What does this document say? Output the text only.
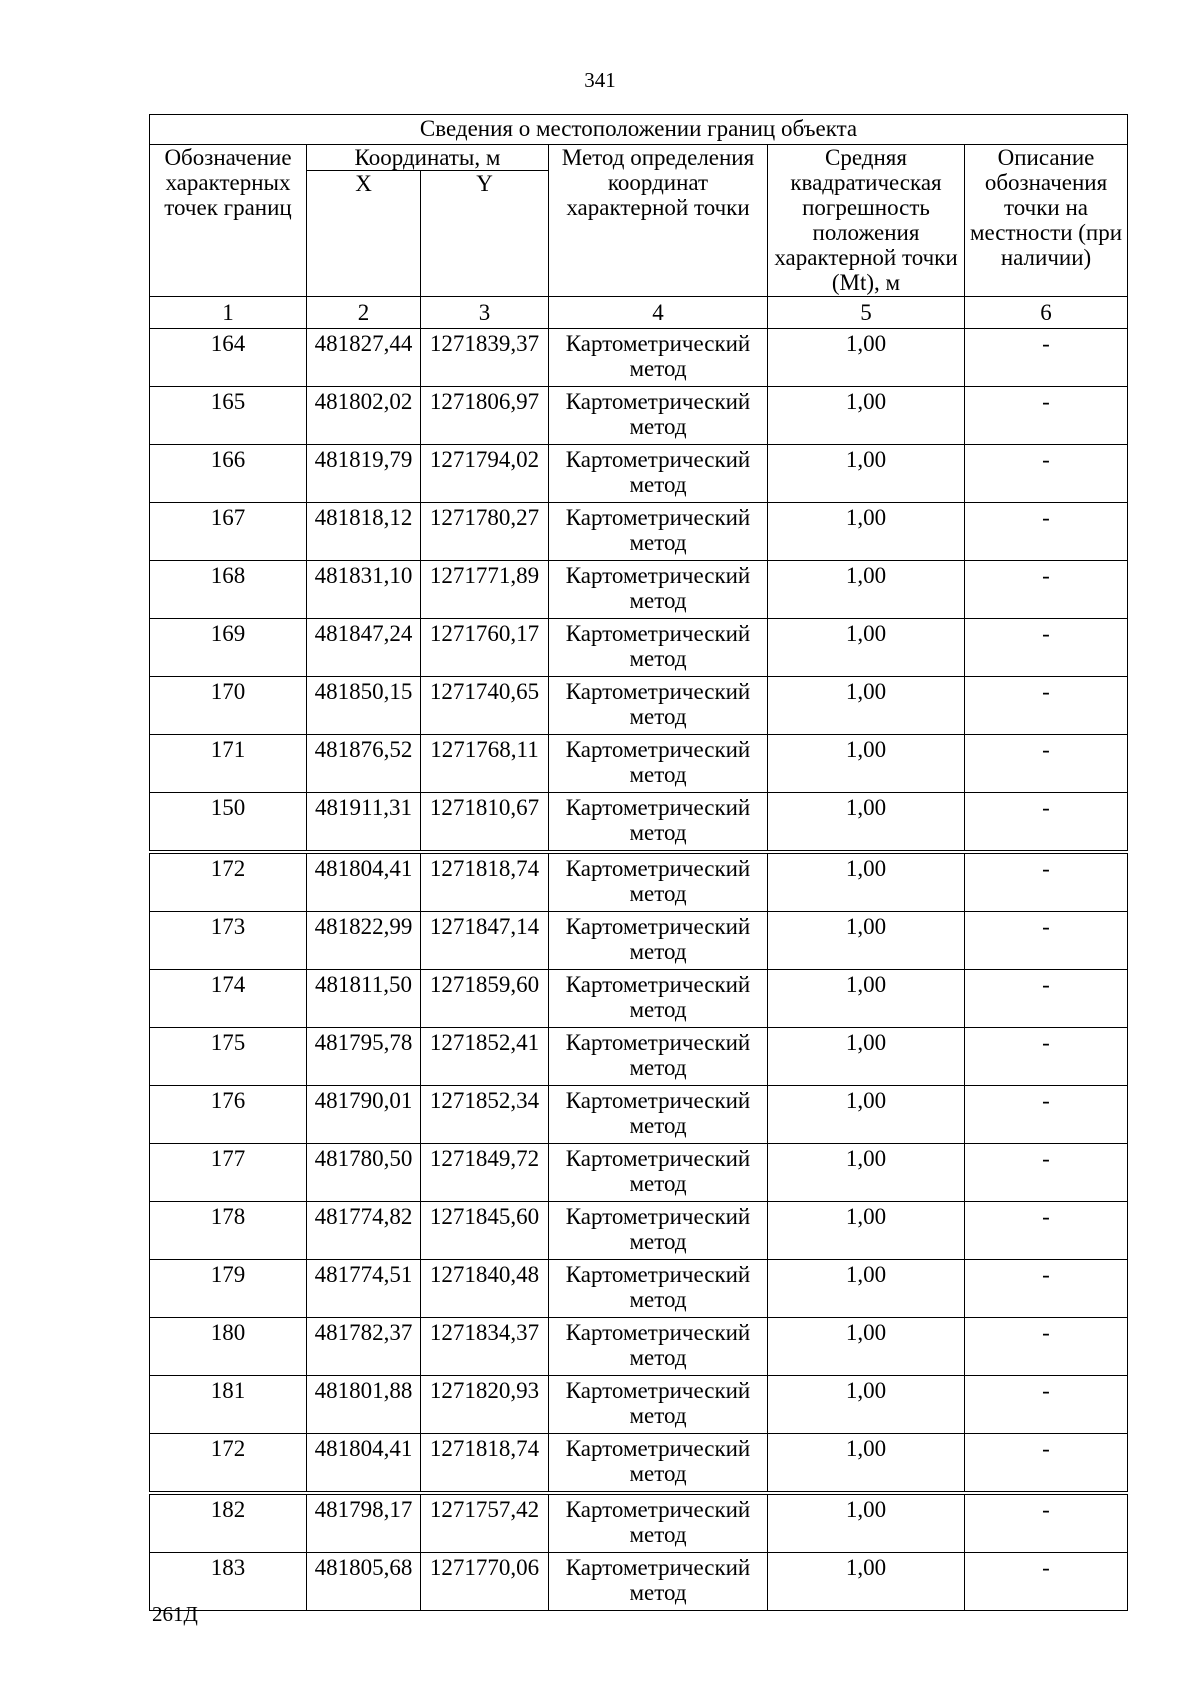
341
Сведения о местоположении границ объекта					
Обозначение характерных точек границ	Координаты, м		Метод определения координат характерной точки	Средняя квадратическая погрешность положения характерной точки (Mt), м	Описание обозначения точки на местности (при наличии)
	X	Y			
1	2	3	4	5	6
164	481827,44	1271839,37	Картометрический метод	1,00	-
165	481802,02	1271806,97	Картометрический метод	1,00	-
166	481819,79	1271794,02	Картометрический метод	1,00	-
167	481818,12	1271780,27	Картометрический метод	1,00	-
168	481831,10	1271771,89	Картометрический метод	1,00	-
169	481847,24	1271760,17	Картометрический метод	1,00	-
170	481850,15	1271740,65	Картометрический метод	1,00	-
171	481876,52	1271768,11	Картометрический метод	1,00	-
150	481911,31	1271810,67	Картометрический метод	1,00	-
172	481804,41	1271818,74	Картометрический метод	1,00	-
173	481822,99	1271847,14	Картометрический метод	1,00	-
174	481811,50	1271859,60	Картометрический метод	1,00	-
175	481795,78	1271852,41	Картометрический метод	1,00	-
176	481790,01	1271852,34	Картометрический метод	1,00	-
177	481780,50	1271849,72	Картометрический метод	1,00	-
178	481774,82	1271845,60	Картометрический метод	1,00	-
179	481774,51	1271840,48	Картометрический метод	1,00	-
180	481782,37	1271834,37	Картометрический метод	1,00	-
181	481801,88	1271820,93	Картометрический метод	1,00	-
172	481804,41	1271818,74	Картометрический метод	1,00	-
182	481798,17	1271757,42	Картометрический метод	1,00	-
183	481805,68	1271770,06	Картометрический метод	1,00	-
261Д
